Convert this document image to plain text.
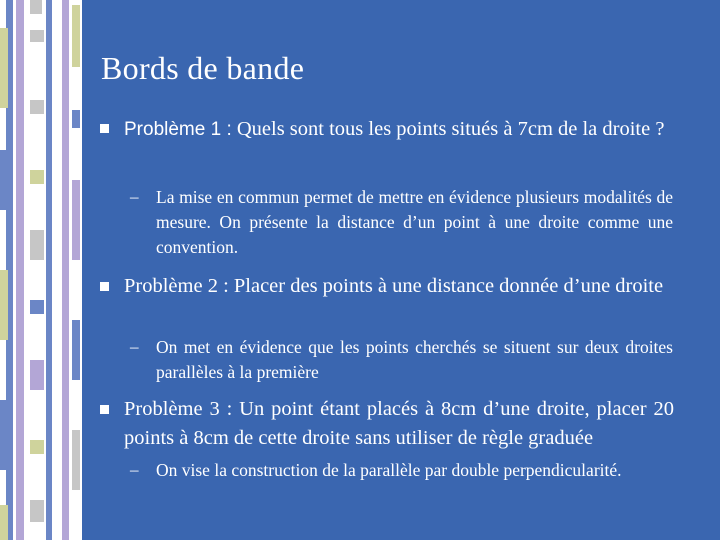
Bords de bande
Problème 1 : Quels sont tous les points situés à 7cm de la droite ?
– La mise en commun permet de mettre en évidence plusieurs modalités de mesure. On présente la distance d’un point à une droite comme une convention.
Problème 2 : Placer des points à une distance donnée d’une droite
– On met en évidence que les points cherchés se situent sur deux droites parallèles à la première
Problème 3 : Un point étant placés à 8cm d’une droite, placer 20 points à 8cm de cette droite sans utiliser de règle graduée
– On vise la construction de la parallèle par double perpendicularité.
